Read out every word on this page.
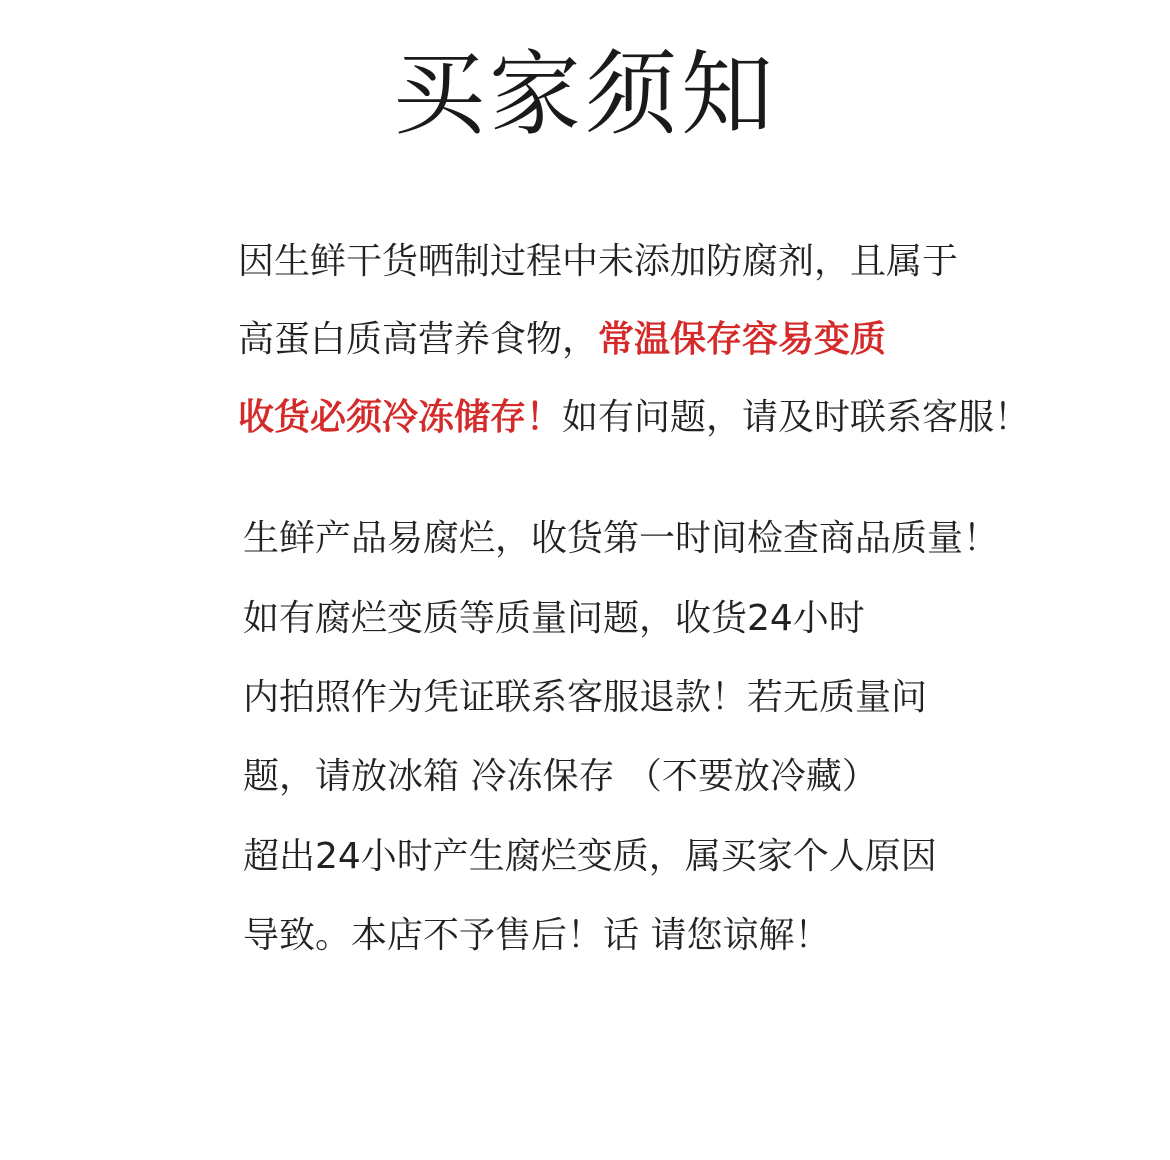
买家须知
因生鲜干货晒制过程中未添加防腐剂，且属于
高蛋白质高营养食物，常温保存容易变质
收货必须冷冻储存！如有问题，请及时联系客服！
生鲜产品易腐烂，收货第一时间检查商品质量！
如有腐烂变质等质量问题，收货24小时
内拍照作为凭证联系客服退款！若无质量问
题，请放冰箱 冷冻保存 （不要放冷藏）
超出24小时产生腐烂变质，属买家个人原因
导致。本店不予售后！话 请您谅解！
